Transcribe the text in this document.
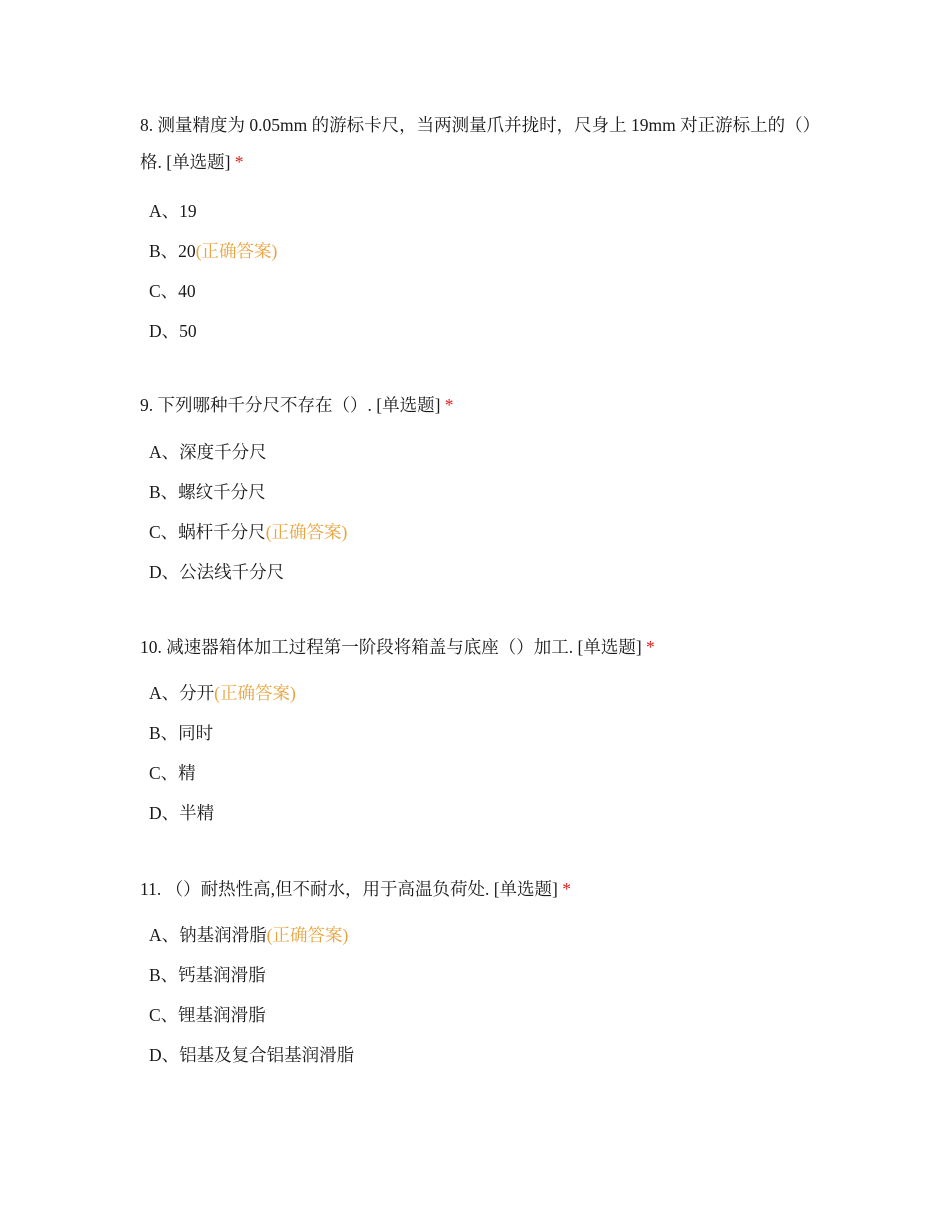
8. 测量精度为 0.05mm 的游标卡尺，当两测量爪并拢时，尺身上 19mm 对正游标上的（）格. [单选题] *

A、19
B、20(正确答案)
C、40
D、50

9. 下列哪种千分尺不存在（）. [单选题] *

A、深度千分尺
B、螺纹千分尺
C、蜗杆千分尺(正确答案)
D、公法线千分尺

10. 减速器箱体加工过程第一阶段将箱盖与底座（）加工. [单选题] *

A、分开(正确答案)
B、同时
C、精
D、半精

11. （）耐热性高,但不耐水，用于高温负荷处. [单选题] *

A、钠基润滑脂(正确答案)
B、钙基润滑脂
C、锂基润滑脂
D、铝基及复合铝基润滑脂
